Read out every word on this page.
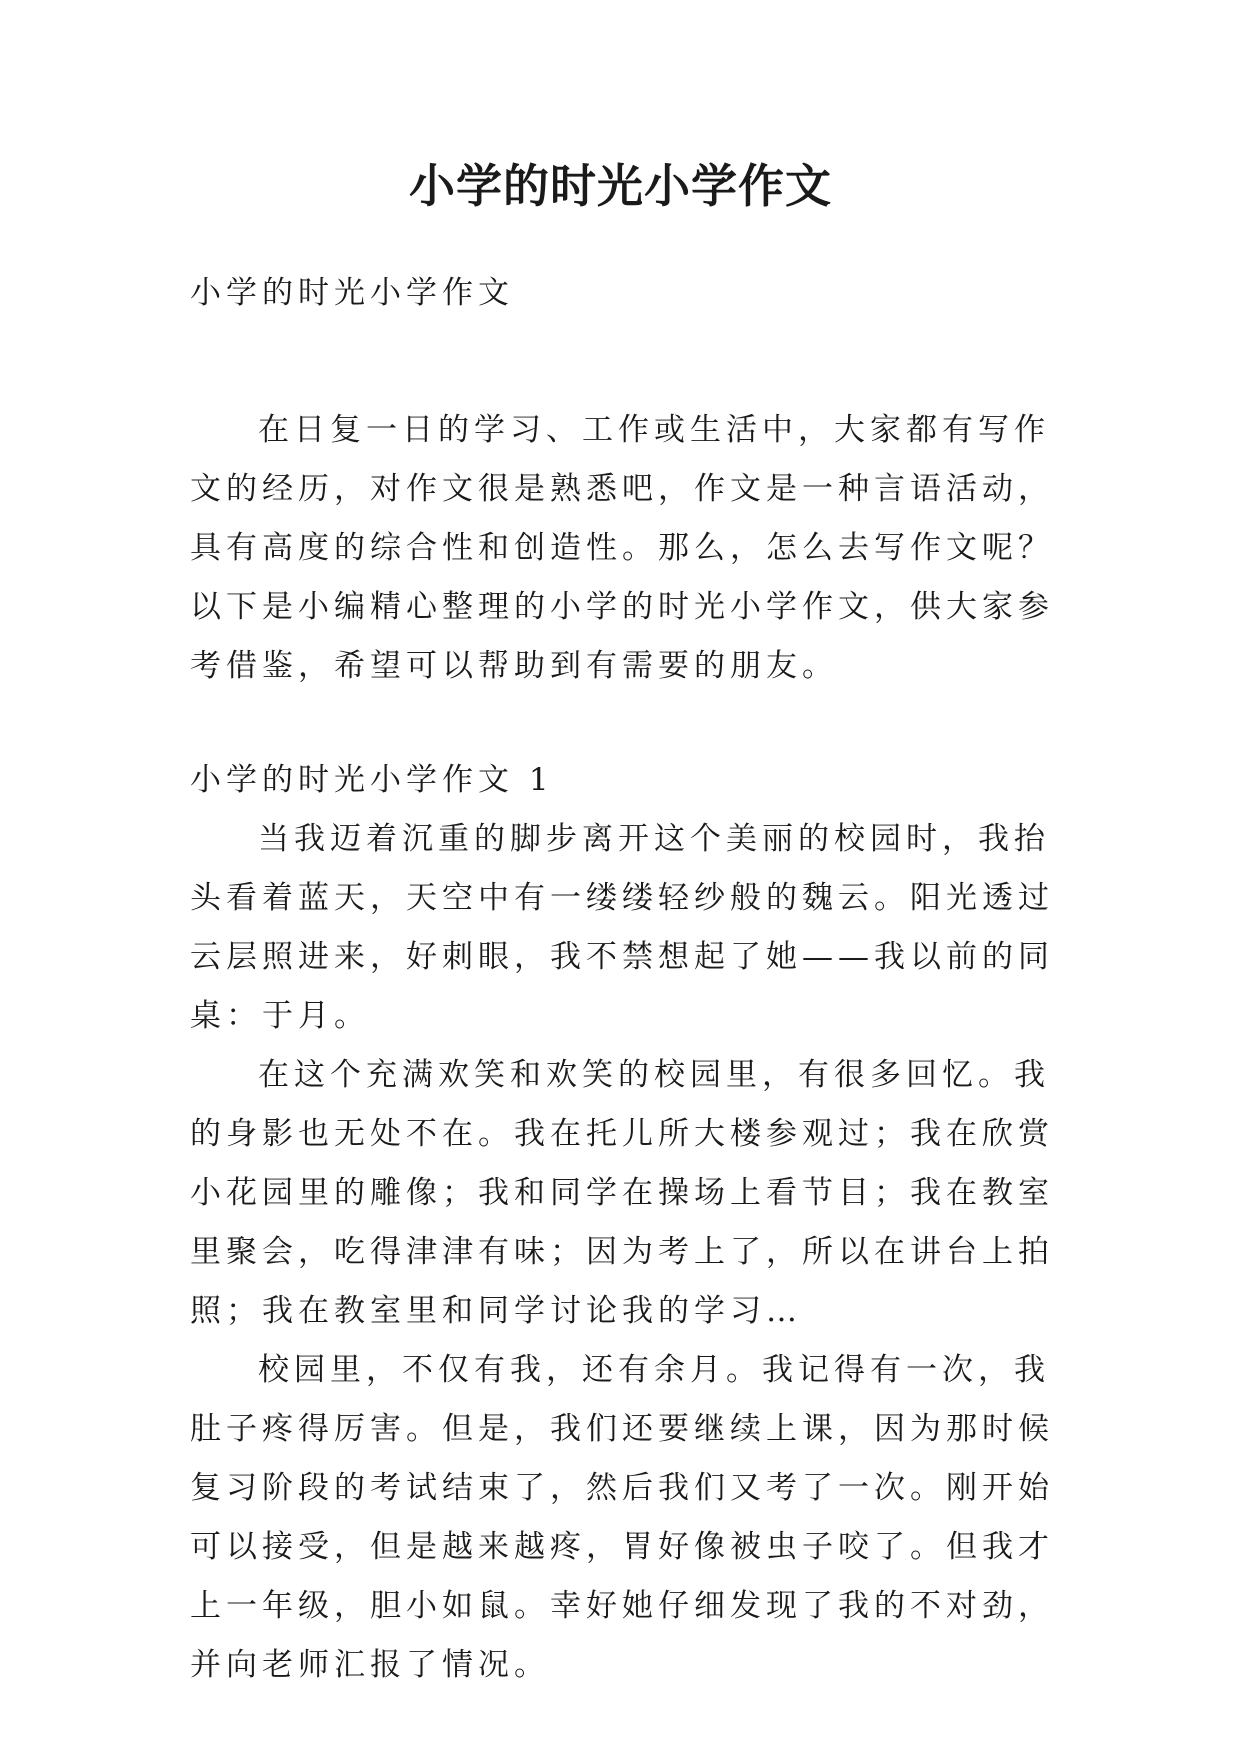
小学的时光小学作文

小学的时光小学作文

在日复一日的学习、工作或生活中，大家都有写作文的经历，对作文很是熟悉吧，作文是一种言语活动，具有高度的综合性和创造性。那么，怎么去写作文呢？以下是小编精心整理的小学的时光小学作文，供大家参考借鉴，希望可以帮助到有需要的朋友。

小学的时光小学作文 1

当我迈着沉重的脚步离开这个美丽的校园时，我抬头看着蓝天，天空中有一缕缕轻纱般的魏云。阳光透过云层照进来，好刺眼，我不禁想起了她——我以前的同桌：于月。

在这个充满欢笑和欢笑的校园里，有很多回忆。我的身影也无处不在。我在托儿所大楼参观过；我在欣赏小花园里的雕像；我和同学在操场上看节目；我在教室里聚会，吃得津津有味；因为考上了，所以在讲台上拍照；我在教室里和同学讨论我的学习…

校园里，不仅有我，还有余月。我记得有一次，我肚子疼得厉害。但是，我们还要继续上课，因为那时候复习阶段的考试结束了，然后我们又考了一次。刚开始可以接受，但是越来越疼，胃好像被虫子咬了。但我才上一年级，胆小如鼠。幸好她仔细发现了我的不对劲，并向老师汇报了情况。
